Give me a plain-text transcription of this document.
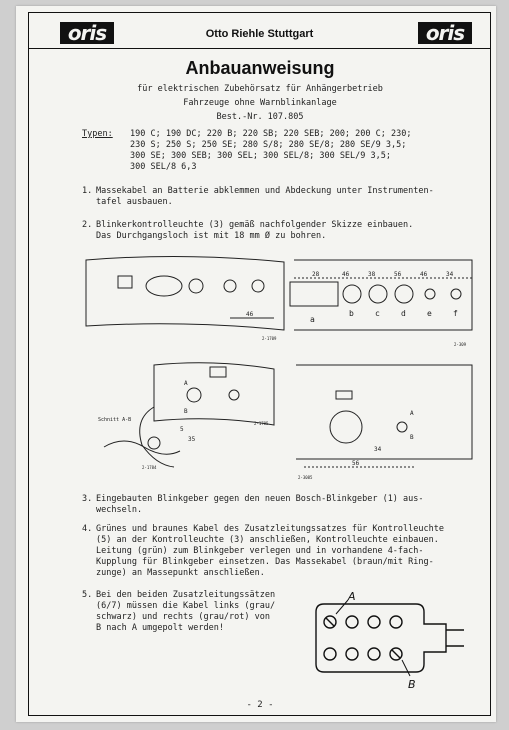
oris	Otto Riehle Stuttgart	oris
Anbauanweisung
für elektrischen Zubehörsatz für Anhängerbetrieb
Fahrzeuge ohne Warnblinkanlage
Best.-Nr. 107.805
Typen: 190 C; 190 DC; 220 B; 220 SB; 220 SEB; 200; 200 C; 230;
230 S; 250 S; 250 SE; 280 S/8; 280 SE/8; 280 SE/9 3,5;
300 SE; 300 SEB; 300 SEL; 300 SEL/8; 300 SEL/9 3,5;
300 SEL/8 6,3
1. Massekabel an Batterie abklemmen und Abdeckung unter Instrumenten-
tafel ausbauen.
2. Blinkerkontrolleuchte (3) gemäß nachfolgender Skizze einbauen.
Das Durchgangsloch ist mit 18 mm Ø zu bohren.
28	46	38	56	46	34
46
a
b	c	d	e	f
2-1709
2-309
Schnitt A-B
A
B	A
B
5
35
34
56
2-1784
2-1785
2-3085
3. Eingebauten Blinkgeber gegen den neuen Bosch-Blinkgeber (1) aus-
wechseln.
4. Grünes und braunes Kabel des Zusatzleitungssatzes für Kontrolleuchte
(5) an der Kontrolleuchte (3) anschließen, Kontrolleuchte einbauen.
Leitung (grün) zum Blinkgeber verlegen und in vorhandene 4-fach-
Kupplung für Blinkgeber einsetzen. Das Massekabel (braun/mit Ring-
zunge) an Massepunkt anschließen.
5. Bei den beiden Zusatzleitungssätzen
(6/7) müssen die Kabel links (grau/
schwarz) und rechts (grau/rot) von
B nach A umgepolt werden!
A
B
- 2 -
